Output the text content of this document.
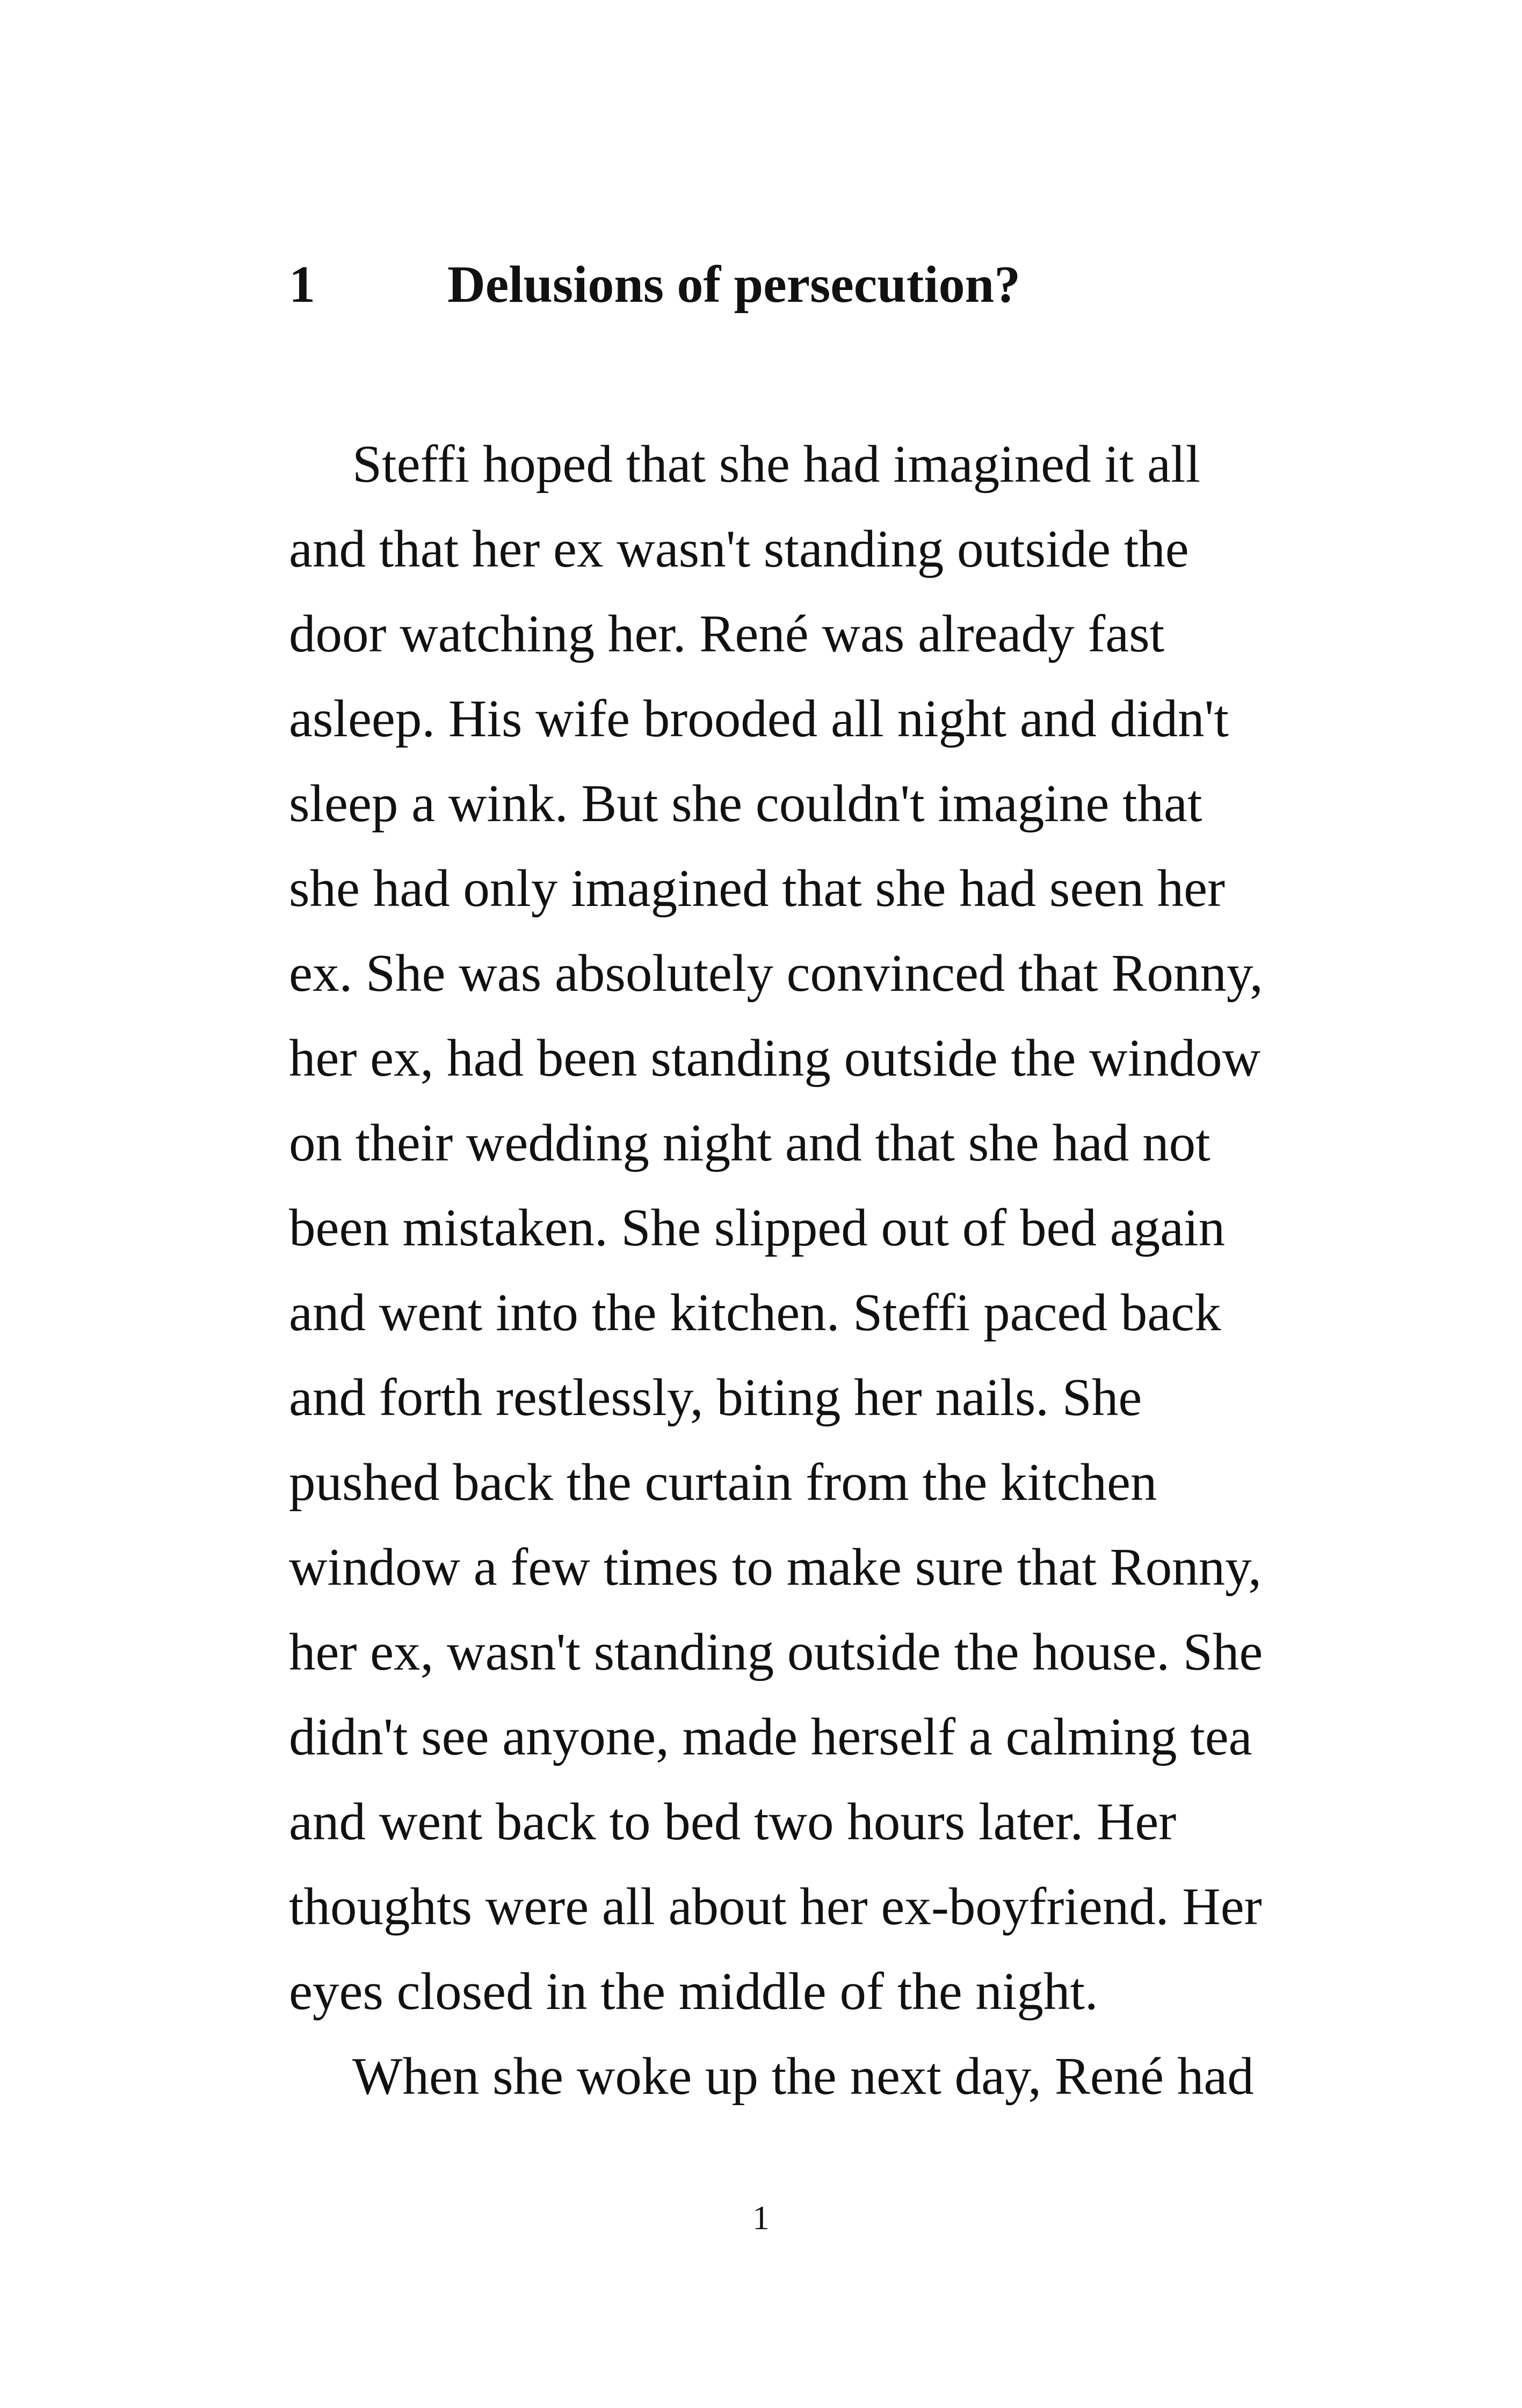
1	Delusions of persecution?
Steffi hoped that she had imagined it all
and that her ex wasn't standing outside the
door watching her. René was already fast
asleep. His wife brooded all night and didn't
sleep a wink. But she couldn't imagine that
she had only imagined that she had seen her
ex. She was absolutely convinced that Ronny,
her ex, had been standing outside the window
on their wedding night and that she had not
been mistaken. She slipped out of bed again
and went into the kitchen. Steffi paced back
and forth restlessly, biting her nails. She
pushed back the curtain from the kitchen
window a few times to make sure that Ronny,
her ex, wasn't standing outside the house. She
didn't see anyone, made herself a calming tea
and went back to bed two hours later. Her
thoughts were all about her ex-boyfriend. Her
eyes closed in the middle of the night.
When she woke up the next day, René had

1
